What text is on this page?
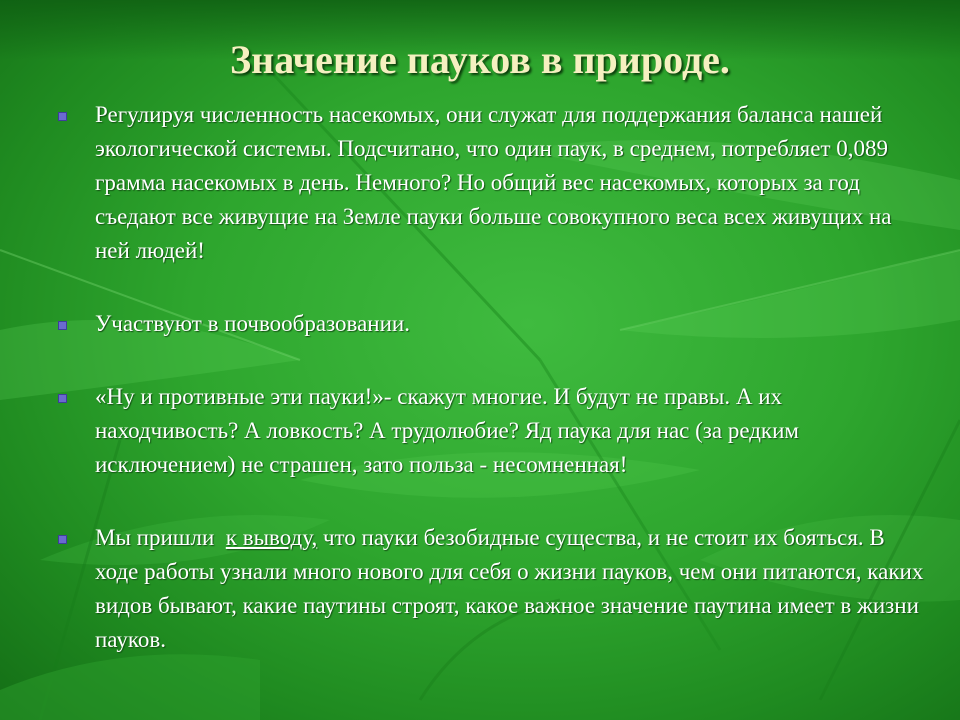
Значение пауков в природе.
Регулируя численность насекомых, они служат для поддержания баланса нашей экологической системы. Подсчитано, что один паук, в среднем, потребляет 0,089 грамма насекомых в день. Немного? Но общий вес насекомых, которых за год съедают все живущие на Земле пауки больше совокупного веса всех живущих на ней людей!
Участвуют в почвообразовании.
«Ну и противные эти пауки!»- скажут многие. И будут не правы. А их находчивость? А ловкость? А трудолюбие? Яд паука для нас (за редким исключением) не страшен, зато польза - несомненная!
Мы пришли  к выводу, что пауки безобидные существа, и не стоит их бояться. В ходе работы узнали много нового для себя о жизни пауков, чем они питаются, каких видов бывают, какие паутины строят, какое важное значение паутина имеет в жизни пауков.
